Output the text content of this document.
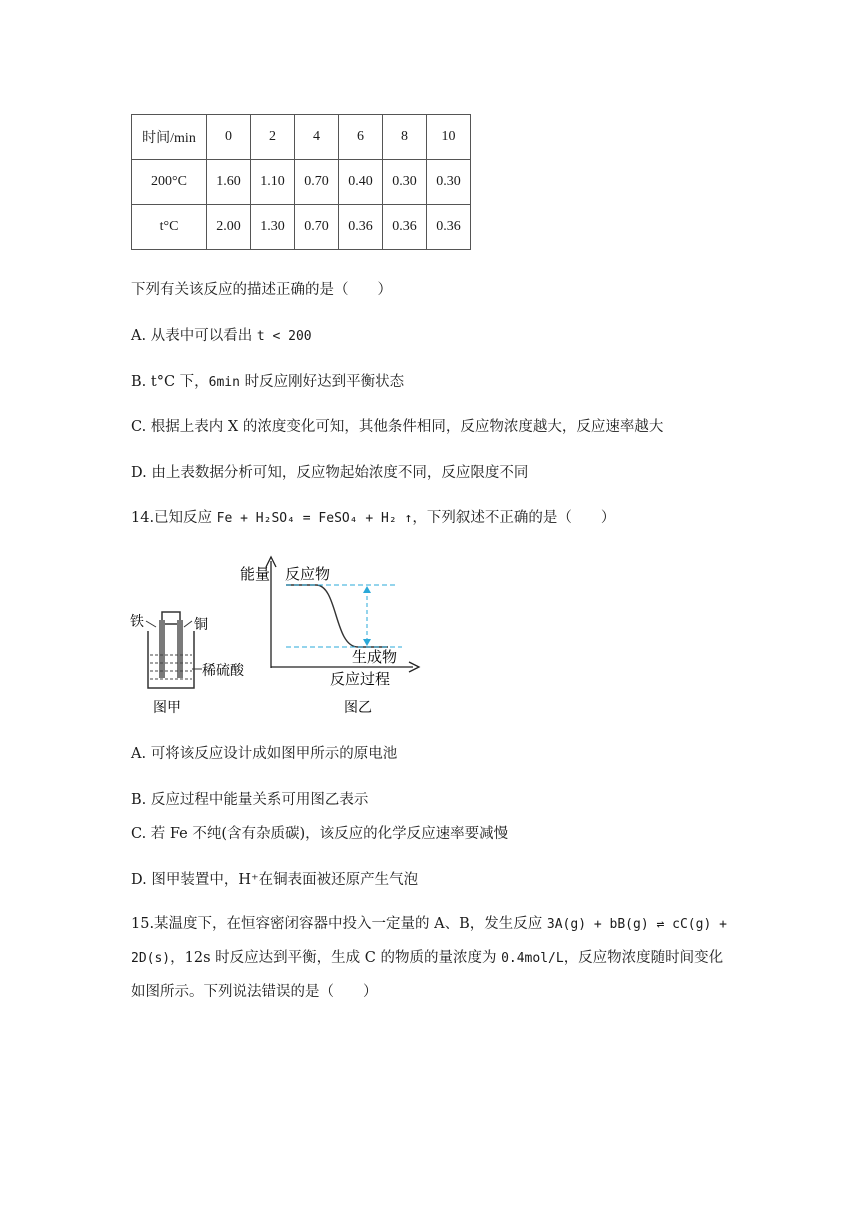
时间/min	0	2	4	6	8	10
200°C	1.60	1.10	0.70	0.40	0.30	0.30
t°C	2.00	1.30	0.70	0.36	0.36	0.36
下列有关该反应的描述正确的是（　　）
A. 从表中可以看出 t < 200
B. t°C 下，6min 时反应刚好达到平衡状态
C. 根据上表内 X 的浓度变化可知，其他条件相同，反应物浓度越大，反应速率越大
D. 由上表数据分析可知，反应物起始浓度不同，反应限度不同
14.已知反应 Fe + H₂SO₄ = FeSO₄ + H₂ ↑，下列叙述不正确的是（　　）
铁	铜
稀硫酸
图甲
能量 反应物
生成物
反应过程
图乙
A. 可将该反应设计成如图甲所示的原电池
B. 反应过程中能量关系可用图乙表示
C. 若 Fe 不纯(含有杂质碳)，该反应的化学反应速率要减慢
D. 图甲装置中，H⁺在铜表面被还原产生气泡
15.某温度下，在恒容密闭容器中投入一定量的 A、B，发生反应 3A(g) + bB(g) ⇌ cC(g) +
2D(s)，12s 时反应达到平衡，生成 C 的物质的量浓度为 0.4mol/L，反应物浓度随时间变化
如图所示。下列说法错误的是（　　）
